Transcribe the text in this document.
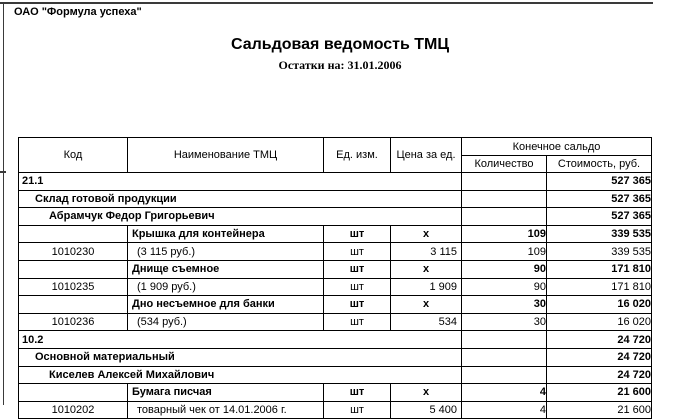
ОАО "Формула успеха"
Сальдовая ведомость ТМЦ
Остатки на: 31.01.2006
Код	Наименование ТМЦ	Ед. изм.	Цена за ед.	Конечное сальдо	
				Количество	Стоимость, руб.
21.1					527 365
Склад готовой продукции					527 365
Абрамчук Федор Григорьевич					527 365
	Крышка для контейнера	шт	х	109	339 535
1010230	(3 115 руб.)	шт	3 115	109	339 535
	Днище съемное	шт	х	90	171 810
1010235	(1 909 руб.)	шт	1 909	90	171 810
	Дно несъемное для банки	шт	х	30	16 020
1010236	(534 руб.)	шт	534	30	16 020
10.2					24 720
Основной материальный					24 720
Киселев Алексей Михайлович					24 720
	Бумага писчая	шт	х	4	21 600
1010202	товарный чек от 14.01.2006 г.	шт	5 400	4	21 600
